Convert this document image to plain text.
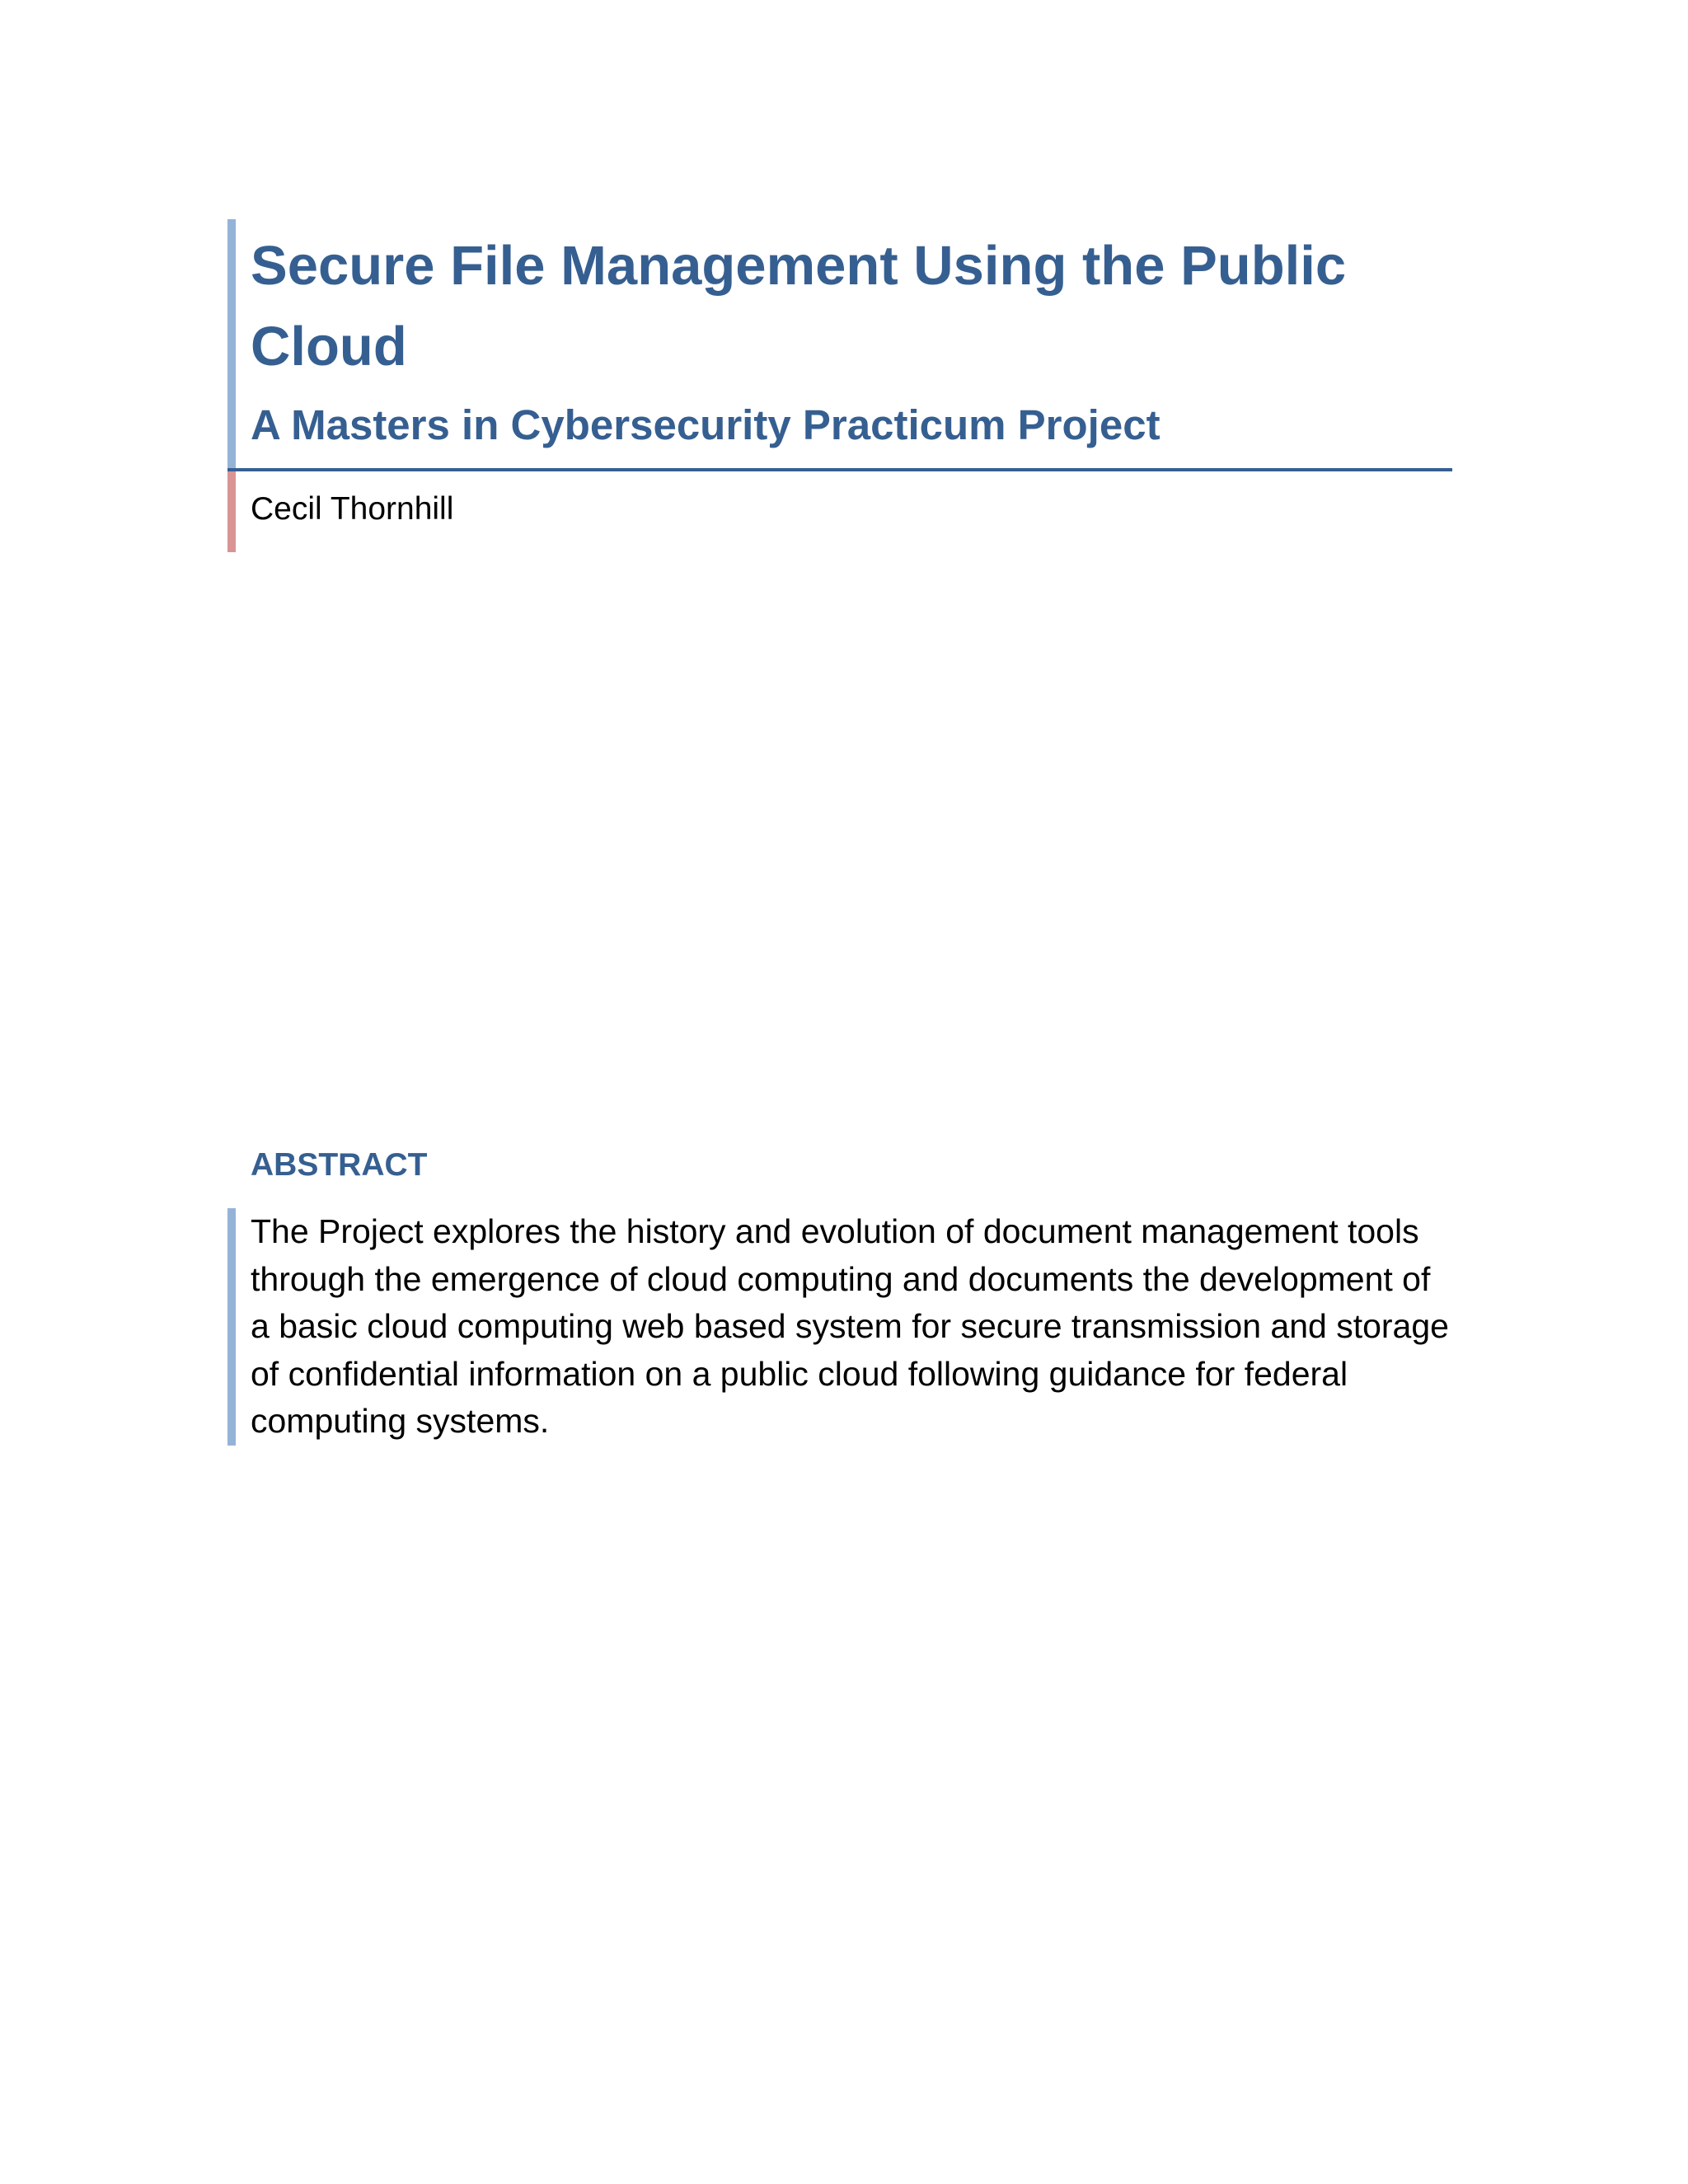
Secure File Management Using the Public Cloud
A Masters in Cybersecurity Practicum Project

Cecil Thornhill

ABSTRACT

The Project explores the history and evolution of document management tools through the emergence of cloud computing and documents the development of a basic cloud computing web based system for secure transmission and storage of confidential information on a public cloud following guidance for federal computing systems.
